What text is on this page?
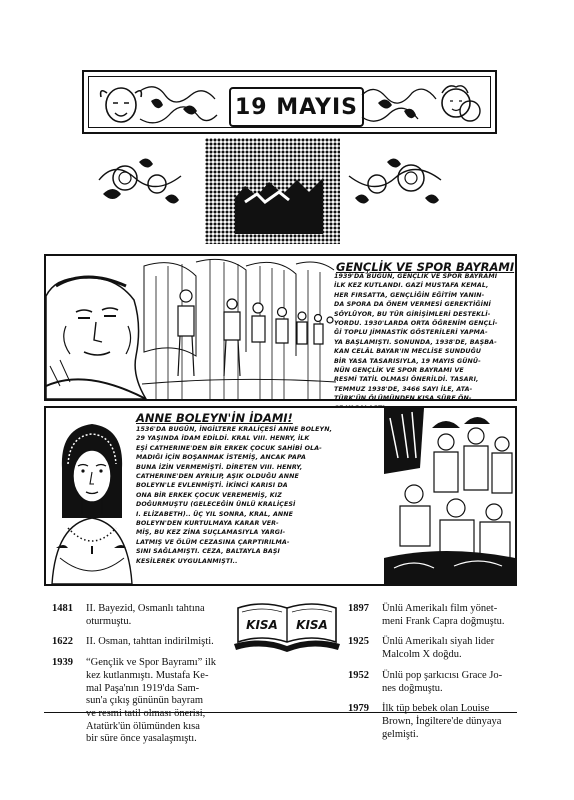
19 MAYIS
GENÇLİK VE SPOR BAYRAMI
1939'DA BUGÜN, GENÇLİK VE SPOR BAYRAMI
İLK KEZ KUTLANDI. GAZİ MUSTAFA KEMAL,
HER FIRSATTA, GENÇLİĞİN EĞİTİM YANIN-
DA SPORA DA ÖNEM VERMESİ GEREKTİĞİNİ
SÖYLÜYOR, BU TÜR GİRİŞİMLERİ DESTEKLİ-
YORDU. 1930'LARDA ORTA ÖĞRENİM GENÇLİ-
Ğİ TOPLU JİMNASTİK GÖSTERİLERİ YAPMA-
YA BAŞLAMIŞTI. SONUNDA, 1938'DE, BAŞBA-
KAN CELÂL BAYAR'IN MECLİSE SUNDUĞU
BİR YASA TASARISIYLA, 19 MAYIS GÜNÜ-
NÜN GENÇLİK VE SPOR BAYRAMI VE
RESMİ TATİL OLMASI ÖNERİLDİ. TASARI,
TEMMUZ 1938'DE, 3466 SAYI İLE, ATA-
TÜRK'ÜN ÖLÜMÜNDEN KISA SÜRE ÖN-
ANNE BOLEYN'İN İDAMI!
1536'DA BUGÜN, İNGİLTERE KRALİÇESİ ANNE BOLEYN,
29 YAŞINDA İDAM EDİLDİ. KRAL VIII. HENRY, İLK
EŞİ CATHERINE'DEN BİR ERKEK ÇOCUK SAHİBİ OLA-
MADIĞI İÇİN BOŞANMAK İSTEMİŞ, ANCAK PAPA
BUNA İZİN VERMEMİŞTİ. DİRETEN VIII. HENRY,
CATHERINE'DEN AYRILIP, AŞIK OLDUĞU ANNE
BOLEYN'LE EVLENMİŞTİ. İKİNCİ KARISI DA
ONA BİR ERKEK ÇOCUK VEREMEMİŞ, KIZ
DOĞURMUŞTU (GELECEĞİN ÜNLÜ KRALİÇESİ
I. ELİZABETH).. ÜÇ YIL SONRA, KRAL, ANNE
BOLEYN'DEN KURTULMAYA KARAR VER-
MİŞ, BU KEZ ZİNA SUÇLAMASIYLA YARGI-
LATMIŞ VE ÖLÜM CEZASINA ÇARPTIRILMA-
SINI SAĞLAMIŞTI. CEZA, BALTAYLA BAŞI
KESİLEREK UYGULANMIŞTI..
1481	II. Bayezid, Osmanlı tahtına
oturmuştu.
1622	II. Osman, tahttan indirilmişti.
1939	“Gençlik ve Spor Bayramı” ilk
kez kutlanmıştı. Mustafa Ke-
mal Paşa'nın 1919'da Sam-
sun'a çıkış gününün bayram
ve resmi tatil olması önerisi,
Atatürk'ün ölümünden kısa
bir süre önce yasalaşmıştı.
KISA KISA
1897	Ünlü Amerikalı film yönet-
meni Frank Capra doğmuştu.
1925	Ünlü Amerikalı siyah lider
Malcolm X doğdu.
1952	Ünlü pop şarkıcısı Grace Jo-
nes doğmuştu.
1979	İlk tüp bebek olan Louise
Brown, İngiltere'de dünyaya
gelmişti.
